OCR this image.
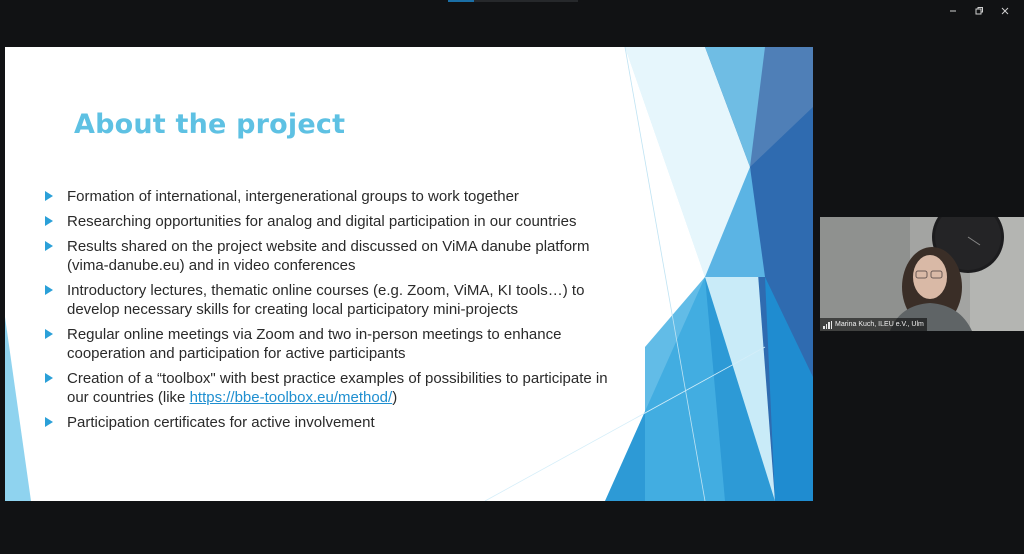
About the project
Formation of international, intergenerational groups to work together
Researching opportunities for analog and digital participation in our countries
Results shared on the project website and discussed on ViMA danube platform (vima-danube.eu) and in video conferences
Introductory lectures, thematic online courses (e.g. Zoom, ViMA, KI tools…) to develop necessary skills for creating local participatory mini-projects
Regular online meetings via Zoom and two in-person meetings to enhance cooperation and participation for active participants
Creation of a “toolbox" with best practice examples of possibilities to participate in our countries (like https://bbe-toolbox.eu/method/)
Participation certificates for active involvement
Marina Kuch, ILEU e.V., Ulm
